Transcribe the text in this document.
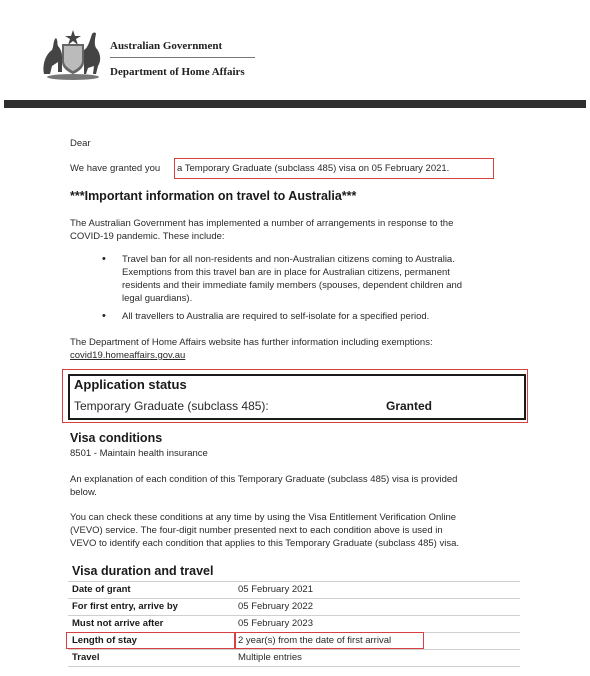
Australian Government
Department of Home Affairs
Dear
We have granted you a Temporary Graduate (subclass 485) visa on 05 February 2021.
***Important information on travel to Australia***
The Australian Government has implemented a number of arrangements in response to the
COVID-19 pandemic. These include:
• Travel ban for all non-residents and non-Australian citizens coming to Australia.
Exemptions from this travel ban are in place for Australian citizens, permanent
residents and their immediate family members (spouses, dependent children and
legal guardians).
• All travellers to Australia are required to self-isolate for a specified period.
The Department of Home Affairs website has further information including exemptions:
covid19.homeaffairs.gov.au
Application status
Temporary Graduate (subclass 485):	Granted
Visa conditions
8501 - Maintain health insurance
An explanation of each condition of this Temporary Graduate (subclass 485) visa is provided
below.
You can check these conditions at any time by using the Visa Entitlement Verification Online
(VEVO) service. The four-digit number presented next to each condition above is used in
VEVO to identify each condition that applies to this Temporary Graduate (subclass 485) visa.
Visa duration and travel
Date of grant	05 February 2021
For first entry, arrive by	05 February 2022
Must not arrive after	05 February 2023
Length of stay	2 year(s) from the date of first arrival
Travel	Multiple entries
